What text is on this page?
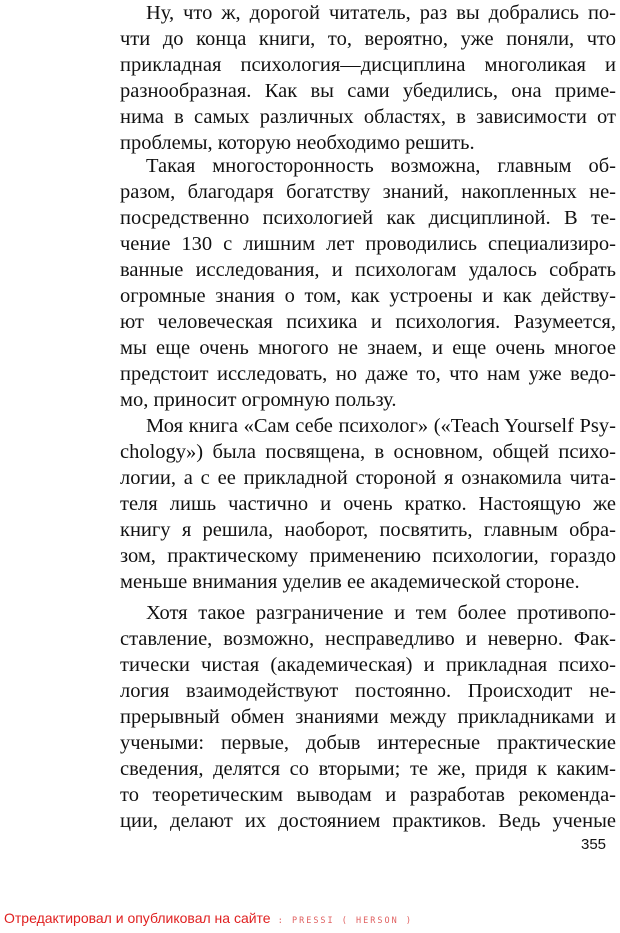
Ну, что ж, дорогой читатель, раз вы добрались по-
чти до конца книги, то, вероятно, уже поняли, что
прикладная психология—дисциплина многоликая и
разнообразная. Как вы сами убедились, она приме-
нима в самых различных областях, в зависимости от
проблемы, которую необходимо решить.
Такая многосторонность возможна, главным об-
разом, благодаря богатству знаний, накопленных не-
посредственно психологией как дисциплиной. В те-
чение 130 с лишним лет проводились специализиро-
ванные исследования, и психологам удалось собрать
огромные знания о том, как устроены и как действу-
ют человеческая психика и психология. Разумеется,
мы еще очень многого не знаем, и еще очень многое
предстоит исследовать, но даже то, что нам уже ведо-
мо, приносит огромную пользу.
Моя книга «Сам себе психолог» («Teach Yourself Psy-
chology») была посвящена, в основном, общей психо-
логии, а с ее прикладной стороной я ознакомила чита-
теля лишь частично и очень кратко. Настоящую же
книгу я решила, наоборот, посвятить, главным обра-
зом, практическому применению психологии, гораздо
меньше внимания уделив ее академической стороне.
Хотя такое разграничение и тем более противопо-
ставление, возможно, несправедливо и неверно. Фак-
тически чистая (академическая) и прикладная психо-
логия взаимодействуют постоянно. Происходит не-
прерывный обмен знаниями между прикладниками и
учеными: первые, добыв интересные практические
сведения, делятся со вторыми; те же, придя к каким-
то теоретическим выводам и разработав рекоменда-
ции, делают их достоянием практиков. Ведь ученые
355
Отредактировал и опубликовал на сайте : PRESSI ( HERSON )
